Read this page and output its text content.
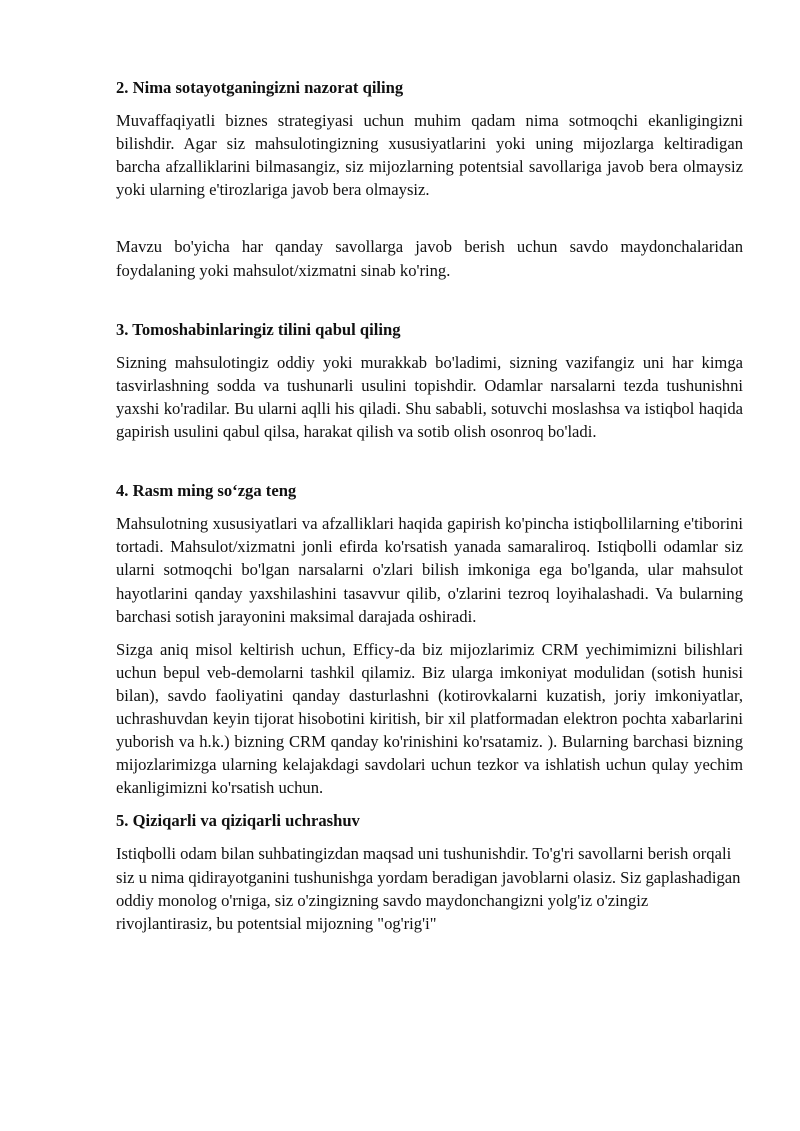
2. Nima sotayotganingizni nazorat qiling

Muvaffaqiyatli biznes strategiyasi uchun muhim qadam nima sotmoqchi ekanligingizni bilishdir. Agar siz mahsulotingizning xususiyatlarini yoki uning mijozlarga keltiradigan barcha afzalliklarini bilmasangiz, siz mijozlarning potentsial savollariga javob bera olmaysiz yoki ularning e'tirozlariga javob bera olmaysiz.

Mavzu bo'yicha har qanday savollarga javob berish uchun savdo maydonchalaridan foydalaning yoki mahsulot/xizmatni sinab ko'ring.

3. Tomoshabinlaringiz tilini qabul qiling

Sizning mahsulotingiz oddiy yoki murakkab bo'ladimi, sizning vazifangiz uni har kimga tasvirlashning sodda va tushunarli usulini topishdir. Odamlar narsalarni tezda tushunishni yaxshi ko'radilar. Bu ularni aqlli his qiladi. Shu sababli, sotuvchi moslashsa va istiqbol haqida gapirish usulini qabul qilsa, harakat qilish va sotib olish osonroq bo'ladi.

4. Rasm ming so‘zga teng

Mahsulotning xususiyatlari va afzalliklari haqida gapirish ko'pincha istiqbollilarning e'tiborini tortadi. Mahsulot/xizmatni jonli efirda ko'rsatish yanada samaraliroq. Istiqbolli odamlar siz ularni sotmoqchi bo'lgan narsalarni o'zlari bilish imkoniga ega bo'lganda, ular mahsulot hayotlarini qanday yaxshilashini tasavvur qilib, o'zlarini tezroq loyihalashadi. Va bularning barchasi sotish jarayonini maksimal darajada oshiradi.

Sizga aniq misol keltirish uchun, Efficy-da biz mijozlarimiz CRM yechimimizni bilishlari uchun bepul veb-demolarni tashkil qilamiz. Biz ularga imkoniyat modulidan (sotish hunisi bilan), savdo faoliyatini qanday dasturlashni (kotirovkalarni kuzatish, joriy imkoniyatlar, uchrashuvdan keyin tijorat hisobotini kiritish, bir xil platformadan elektron pochta xabarlarini yuborish va h.k.) bizning CRM qanday ko'rinishini ko'rsatamiz. ). Bularning barchasi bizning mijozlarimizga ularning kelajakdagi savdolari uchun tezkor va ishlatish uchun qulay yechim ekanligimizni ko'rsatish uchun.

5. Qiziqarli va qiziqarli uchrashuv

Istiqbolli odam bilan suhbatingizdan maqsad uni tushunishdir. To'g'ri savollarni berish orqali siz u nima qidirayotganini tushunishga yordam beradigan javoblarni olasiz. Siz gaplashadigan oddiy monolog o'rniga, siz o'zingizning savdo maydonchangizni yolg'iz o'zingiz rivojlantirasiz, bu potentsial mijozning "og'rig'i"
